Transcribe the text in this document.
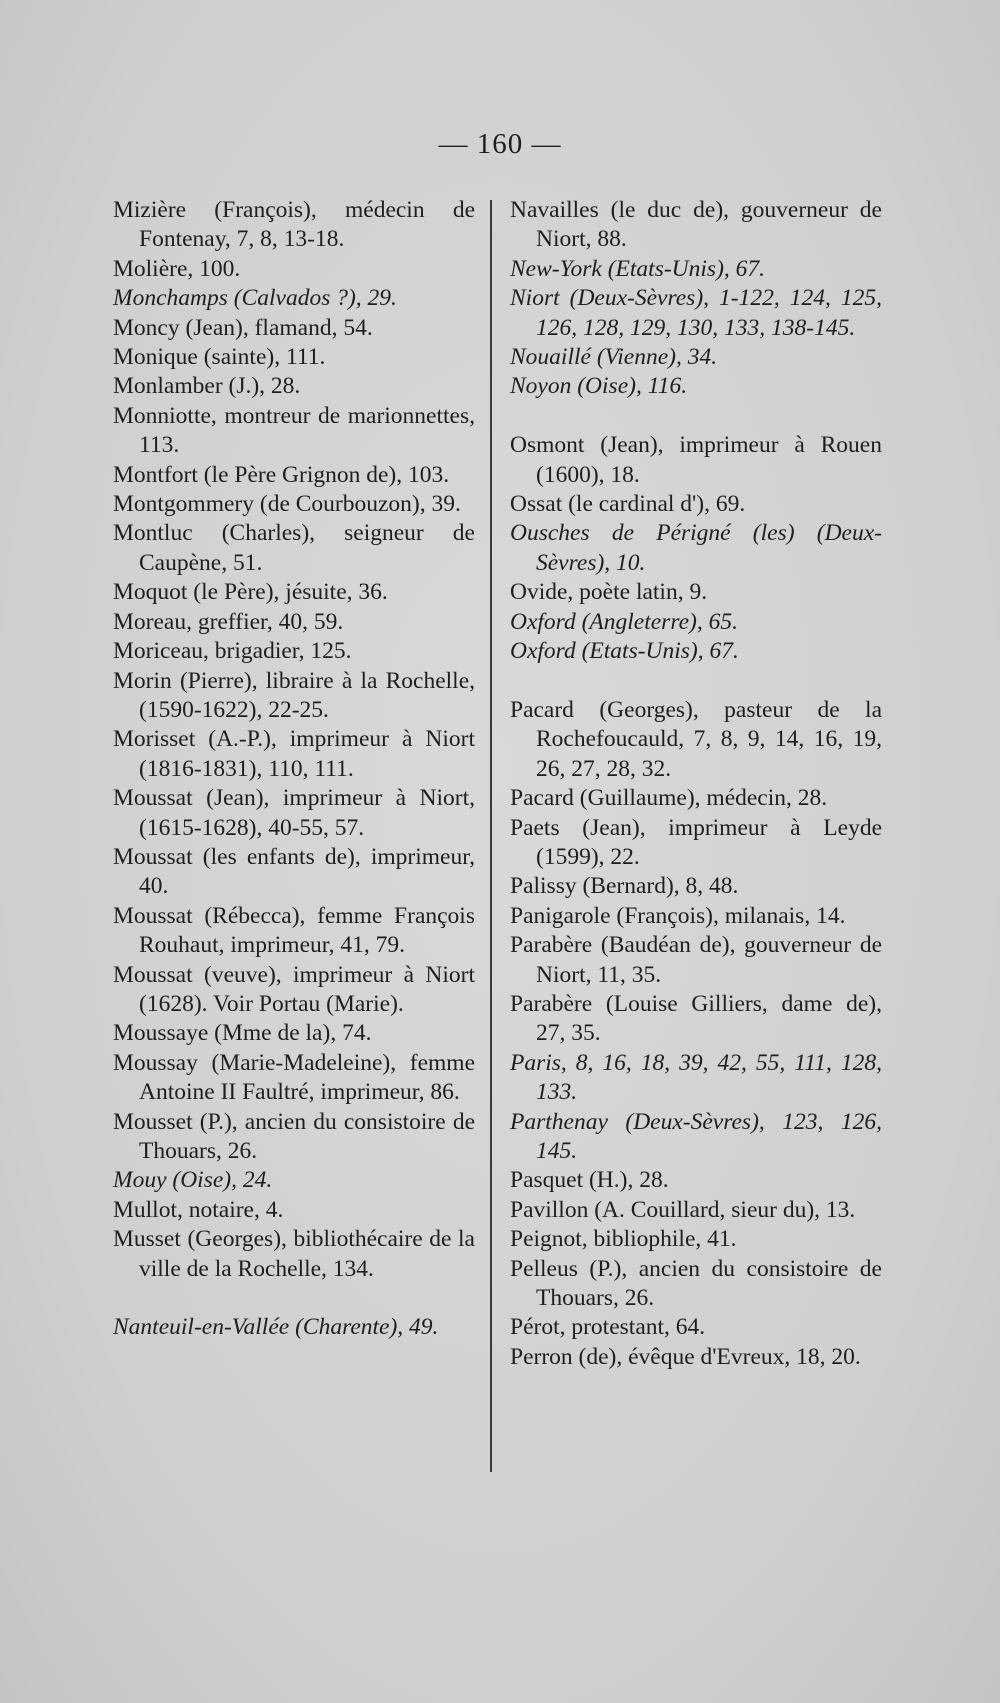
— 160 —
Mizière (François), médecin de Fontenay, 7, 8, 13-18.
Molière, 100.
Monchamps (Calvados ?), 29.
Moncy (Jean), flamand, 54.
Monique (sainte), 111.
Monlamber (J.), 28.
Monniotte, montreur de marionnettes, 113.
Montfort (le Père Grignon de), 103.
Montgommery (de Courbouzon), 39.
Montluc (Charles), seigneur de Caupène, 51.
Moquot (le Père), jésuite, 36.
Moreau, greffier, 40, 59.
Moriceau, brigadier, 125.
Morin (Pierre), libraire à la Rochelle, (1590-1622), 22-25.
Morisset (A.-P.), imprimeur à Niort (1816-1831), 110, 111.
Moussat (Jean), imprimeur à Niort, (1615-1628), 40-55, 57.
Moussat (les enfants de), imprimeur, 40.
Moussat (Rébecca), femme François Rouhaut, imprimeur, 41, 79.
Moussat (veuve), imprimeur à Niort (1628). Voir Portau (Marie).
Moussaye (Mme de la), 74.
Moussay (Marie-Madeleine), femme Antoine II Faultré, imprimeur, 86.
Mousset (P.), ancien du consistoire de Thouars, 26.
Mouy (Oise), 24.
Mullot, notaire, 4.
Musset (Georges), bibliothécaire de la ville de la Rochelle, 134.
Nanteuil-en-Vallée (Charente), 49.
Navailles (le duc de), gouverneur de Niort, 88.
New-York (Etats-Unis), 67.
Niort (Deux-Sèvres), 1-122, 124, 125, 126, 128, 129, 130, 133, 138-145.
Nouaillé (Vienne), 34.
Noyon (Oise), 116.
Osmont (Jean), imprimeur à Rouen (1600), 18.
Ossat (le cardinal d'), 69.
Ousches de Périgné (les) (Deux-Sèvres), 10.
Ovide, poète latin, 9.
Oxford (Angleterre), 65.
Oxford (Etats-Unis), 67.
Pacard (Georges), pasteur de la Rochefoucauld, 7, 8, 9, 14, 16, 19, 26, 27, 28, 32.
Pacard (Guillaume), médecin, 28.
Paets (Jean), imprimeur à Leyde (1599), 22.
Palissy (Bernard), 8, 48.
Panigarole (François), milanais, 14.
Parabère (Baudéan de), gouverneur de Niort, 11, 35.
Parabère (Louise Gilliers, dame de), 27, 35.
Paris, 8, 16, 18, 39, 42, 55, 111, 128, 133.
Parthenay (Deux-Sèvres), 123, 126, 145.
Pasquet (H.), 28.
Pavillon (A. Couillard, sieur du), 13.
Peignot, bibliophile, 41.
Pelleus (P.), ancien du consistoire de Thouars, 26.
Pérot, protestant, 64.
Perron (de), évêque d'Evreux, 18, 20.
